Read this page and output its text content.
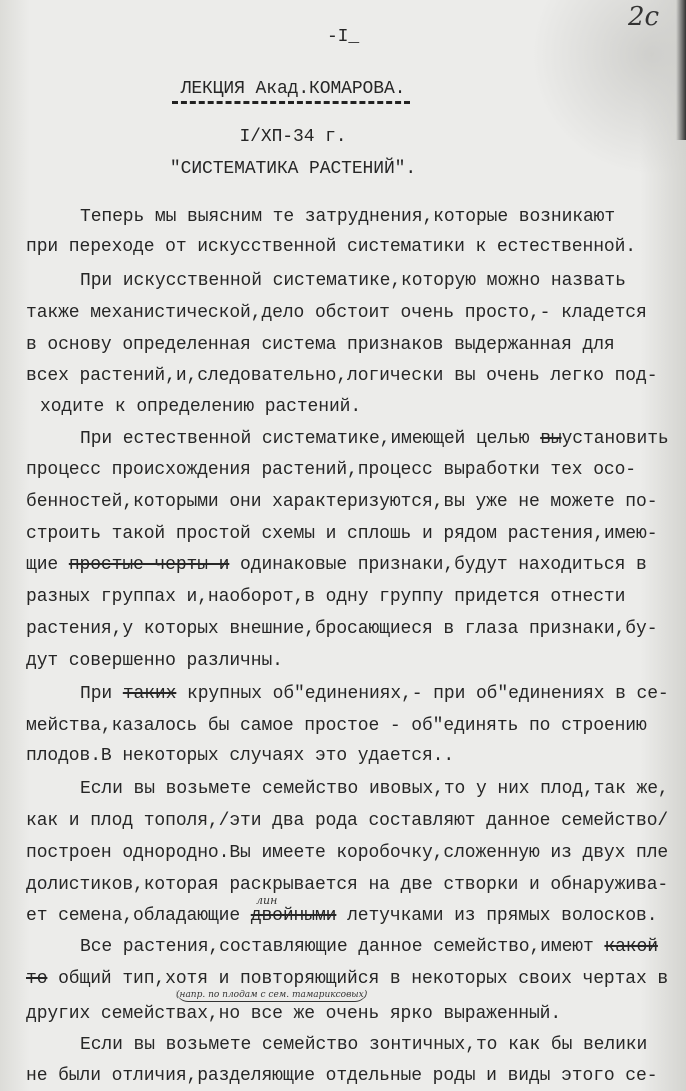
2с
-I_
ЛЕКЦИЯ Акад.КОМАРОВА.
I/XП-34 г.
"СИСТЕМАТИКА РАСТЕНИЙ".
Теперь мы выясним те затруднения,которые возникают
при переходе от искусственной систематики к естественной.
При искусственной систематике,которую можно назвать
также механистической,дело обстоит очень просто,- кладется
в основу определенная система признаков выдержанная для
всех растений,и,следовательно,логически вы очень легко под-
ходите к определению растений.
При естественной систематике,имеющей целью выустановить
процесс происхождения растений,процесс выработки тех осо-
бенностей,которыми они характеризуются,вы уже не можете по-
строить такой простой схемы и сплошь и рядом растения,имею-
щие простые черты и одинаковые признаки,будут находиться в
разных группах и,наоборот,в одну группу придется отнести
растения,у которых внешние,бросающиеся в глаза признаки,бу-
дут совершенно различны.
При таких крупных об"единениях,- при об"единениях в се-
мейства,казалось бы самое простое - об"единять по строению
плодов.В некоторых случаях это удается..
Если вы возьмете семейство ивовых,то у них плод,так же,
как и плод тополя,/эти два рода составляют данное семейство/
построен однородно.Вы имеете коробочку,сложенную из двух пле
долистиков,которая раскрывается на две створки и обнаружива-
ет семена,обладающие двойными летучками из прямых волосков.
Все растения,составляющие данное семейство,имеют какой
то общий тип,хотя и повторяющийся в некоторых своих чертах в
других семействах,но все же очень ярко выраженный.
Если вы возьмете семейство зонтичных,то как бы велики
не были отличия,разделяющие отдельные роды и виды этого се-
лин
(напр. по плодам с сем. тамариксовых)
